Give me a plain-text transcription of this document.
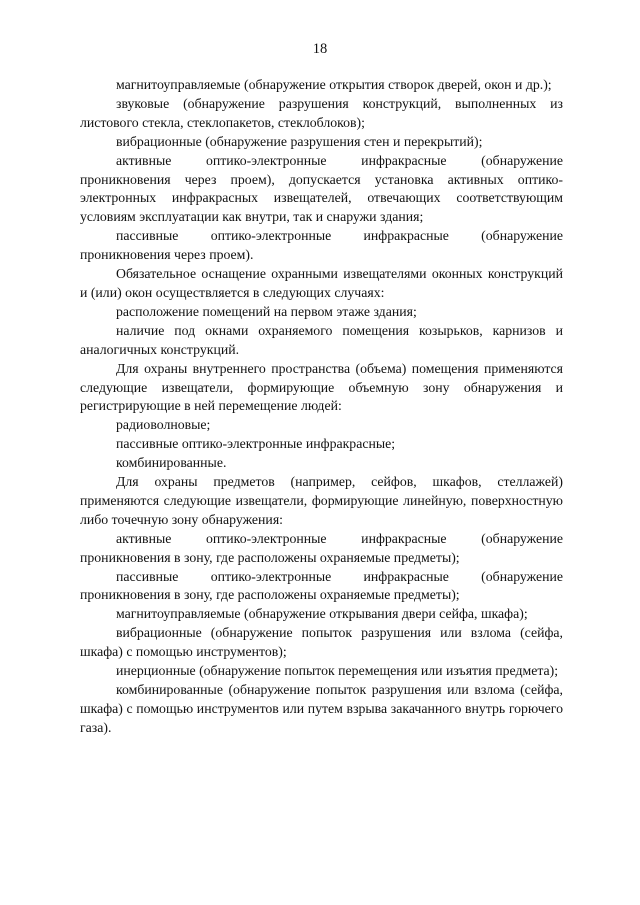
18

магнитоуправляемые (обнаружение открытия створок дверей, окон и др.);

звуковые (обнаружение разрушения конструкций, выполненных из листового стекла, стеклопакетов, стеклоблоков);

вибрационные (обнаружение разрушения стен и перекрытий);

активные оптико-электронные инфракрасные (обнаружение проникновения через проем), допускается установка активных оптико-электронных инфракрасных извещателей, отвечающих соответствующим условиям эксплуатации как внутри, так и снаружи здания;

пассивные оптико-электронные инфракрасные (обнаружение проникновения через проем).

Обязательное оснащение охранными извещателями оконных конструкций и (или) окон осуществляется в следующих случаях:

расположение помещений на первом этаже здания;

наличие под окнами охраняемого помещения козырьков, карнизов и аналогичных конструкций.

Для охраны внутреннего пространства (объема) помещения применяются следующие извещатели, формирующие объемную зону обнаружения и регистрирующие в ней перемещение людей:

радиоволновые;

пассивные оптико-электронные инфракрасные;

комбинированные.

Для охраны предметов (например, сейфов, шкафов, стеллажей) применяются следующие извещатели, формирующие линейную, поверхностную либо точечную зону обнаружения:

активные оптико-электронные инфракрасные (обнаружение проникновения в зону, где расположены охраняемые предметы);

пассивные оптико-электронные инфракрасные (обнаружение проникновения в зону, где расположены охраняемые предметы);

магнитоуправляемые (обнаружение открывания двери сейфа, шкафа);

вибрационные (обнаружение попыток разрушения или взлома (сейфа, шкафа) с помощью инструментов);

инерционные (обнаружение попыток перемещения или изъятия предмета);

комбинированные (обнаружение попыток разрушения или взлома (сейфа, шкафа) с помощью инструментов или путем взрыва закачанного внутрь горючего газа).
